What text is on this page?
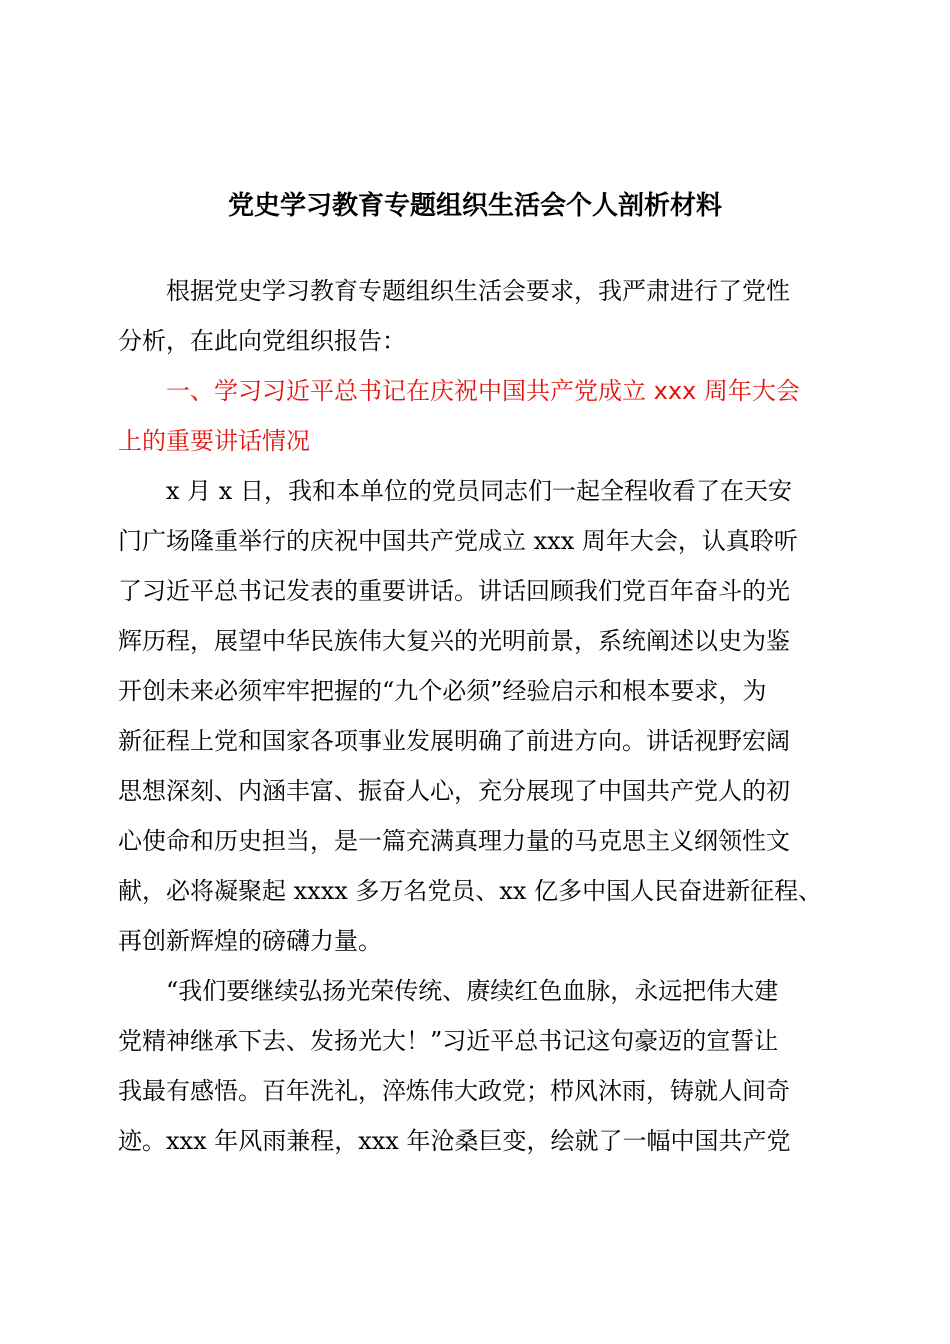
党史学习教育专题组织生活会个人剖析材料
根据党史学习教育专题组织生活会要求，我严肃进行了党性
分析，在此向党组织报告：
一、学习习近平总书记在庆祝中国共产党成立 xxx 周年大会
上的重要讲话情况
x 月 x 日，我和本单位的党员同志们一起全程收看了在天安
门广场隆重举行的庆祝中国共产党成立 xxx 周年大会，认真聆听
了习近平总书记发表的重要讲话。讲话回顾我们党百年奋斗的光
辉历程，展望中华民族伟大复兴的光明前景，系统阐述以史为鉴
开创未来必须牢牢把握的“九个必须”经验启示和根本要求，为
新征程上党和国家各项事业发展明确了前进方向。讲话视野宏阔
思想深刻、内涵丰富、振奋人心，充分展现了中国共产党人的初
心使命和历史担当，是一篇充满真理力量的马克思主义纲领性文
献，必将凝聚起 xxxx 多万名党员、xx 亿多中国人民奋进新征程、
再创新辉煌的磅礴力量。
“我们要继续弘扬光荣传统、赓续红色血脉，永远把伟大建
党精神继承下去、发扬光大！”习近平总书记这句豪迈的宣誓让
我最有感悟。百年洗礼，淬炼伟大政党；栉风沐雨，铸就人间奇
迹。xxx 年风雨兼程，xxx 年沧桑巨变，绘就了一幅中国共产党
